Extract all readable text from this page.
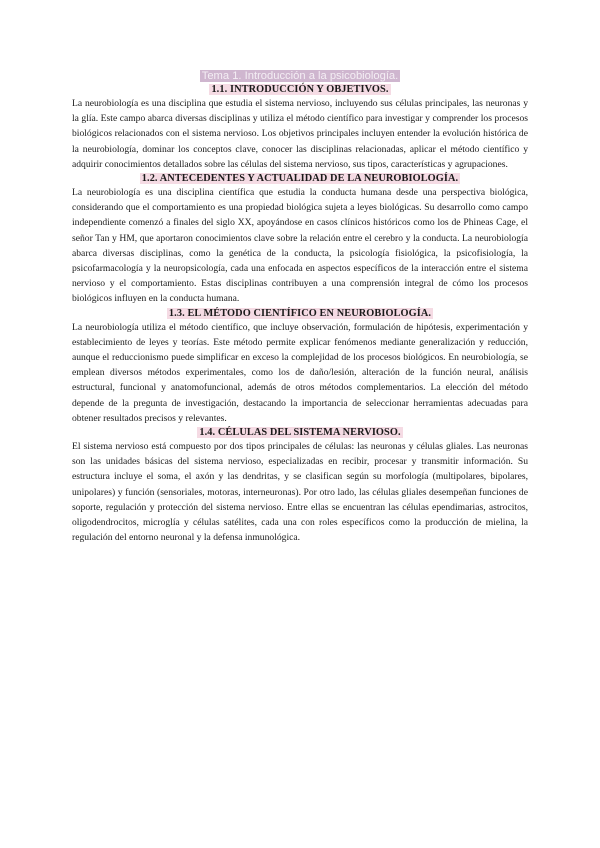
Tema 1. Introducción a la psicobiología.
1.1. INTRODUCCIÓN Y OBJETIVOS.

La neurobiología es una disciplina que estudia el sistema nervioso, incluyendo sus células principales, las neuronas y la glía. Este campo abarca diversas disciplinas y utiliza el método científico para investigar y comprender los procesos biológicos relacionados con el sistema nervioso. Los objetivos principales incluyen entender la evolución histórica de la neurobiología, dominar los conceptos clave, conocer las disciplinas relacionadas, aplicar el método científico y adquirir conocimientos detallados sobre las células del sistema nervioso, sus tipos, características y agrupaciones.

1.2. ANTECEDENTES Y ACTUALIDAD DE LA NEUROBIOLOGÍA.

La neurobiología es una disciplina científica que estudia la conducta humana desde una perspectiva biológica, considerando que el comportamiento es una propiedad biológica sujeta a leyes biológicas. Su desarrollo como campo independiente comenzó a finales del siglo XX, apoyándose en casos clínicos históricos como los de Phineas Cage, el señor Tan y HM, que aportaron conocimientos clave sobre la relación entre el cerebro y la conducta. La neurobiología abarca diversas disciplinas, como la genética de la conducta, la psicología fisiológica, la psicofisiología, la psicofarmacología y la neuropsicología, cada una enfocada en aspectos específicos de la interacción entre el sistema nervioso y el comportamiento. Estas disciplinas contribuyen a una comprensión integral de cómo los procesos biológicos influyen en la conducta humana.

1.3. EL MÉTODO CIENTÍFICO EN NEUROBIOLOGÍA.

La neurobiología utiliza el método científico, que incluye observación, formulación de hipótesis, experimentación y establecimiento de leyes y teorías. Este método permite explicar fenómenos mediante generalización y reducción, aunque el reduccionismo puede simplificar en exceso la complejidad de los procesos biológicos. En neurobiología, se emplean diversos métodos experimentales, como los de daño/lesión, alteración de la función neural, análisis estructural, funcional y anatomofuncional, además de otros métodos complementarios. La elección del método depende de la pregunta de investigación, destacando la importancia de seleccionar herramientas adecuadas para obtener resultados precisos y relevantes.

1.4. CÉLULAS DEL SISTEMA NERVIOSO.

El sistema nervioso está compuesto por dos tipos principales de células: las neuronas y células gliales. Las neuronas son las unidades básicas del sistema nervioso, especializadas en recibir, procesar y transmitir información. Su estructura incluye el soma, el axón y las dendritas, y se clasifican según su morfología (multipolares, bipolares, unipolares) y función (sensoriales, motoras, interneuronas). Por otro lado, las células gliales desempeñan funciones de soporte, regulación y protección del sistema nervioso. Entre ellas se encuentran las células ependimarias, astrocitos, oligodendrocitos, microglía y células satélites, cada una con roles específicos como la producción de mielina, la regulación del entorno neuronal y la defensa inmunológica.
